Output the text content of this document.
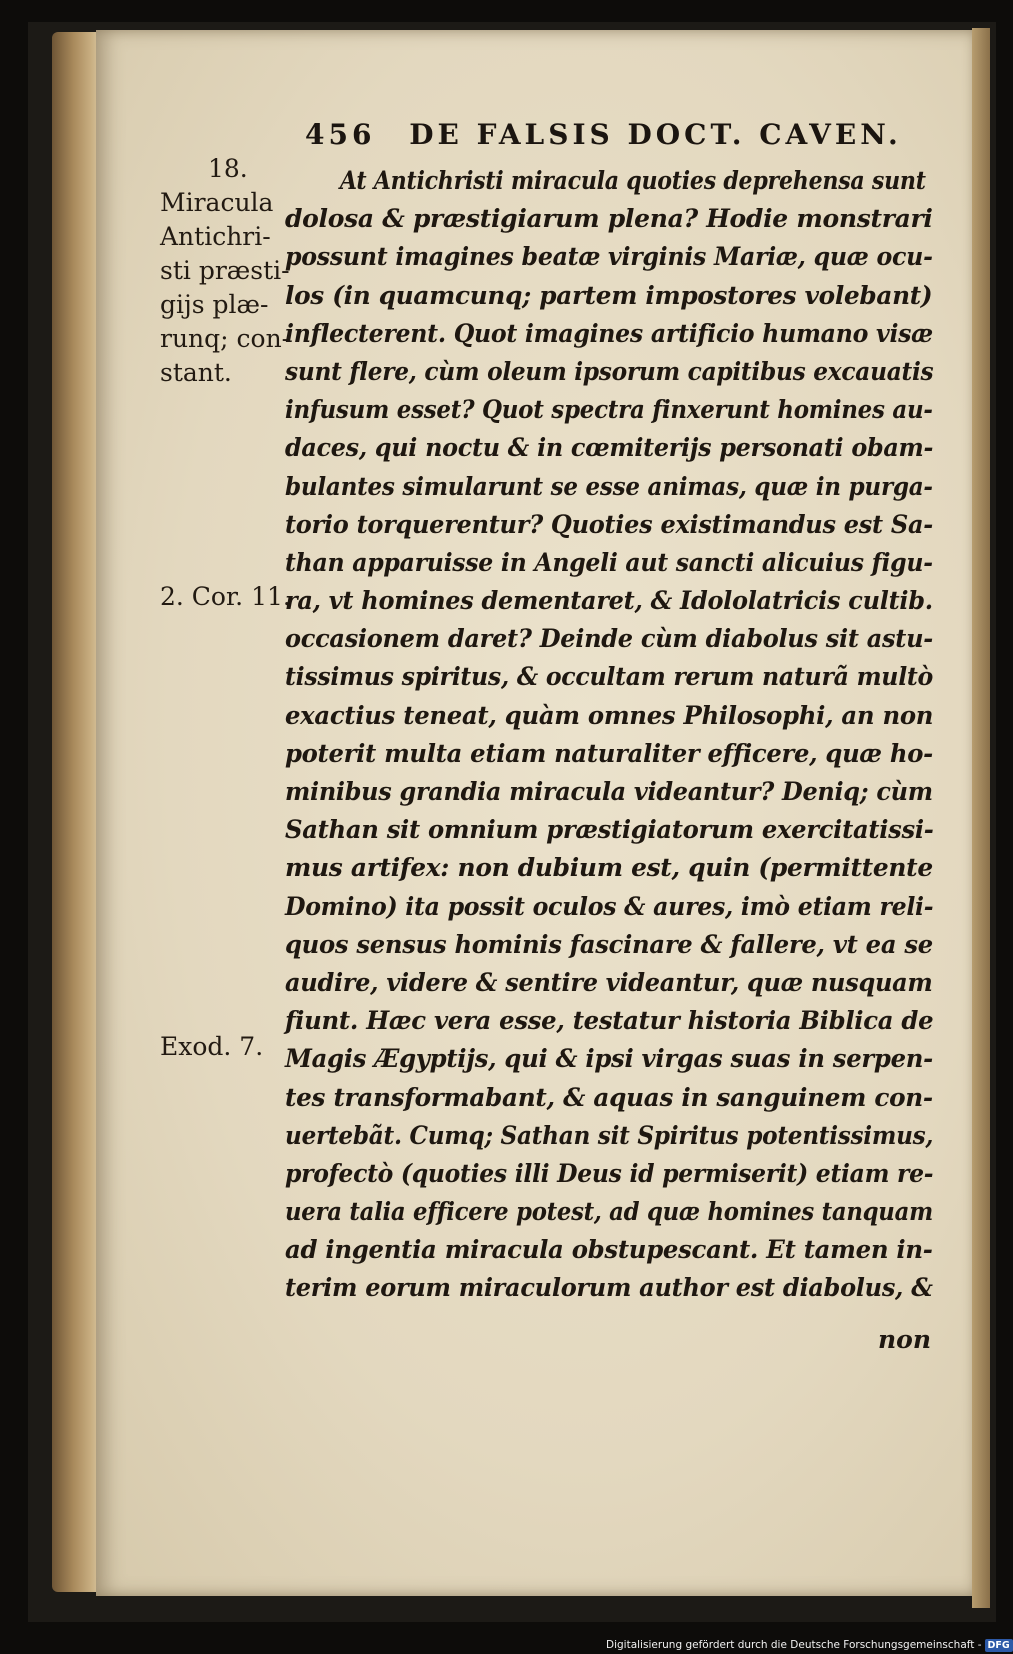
456 DE FALSIS DOCT. CAVEN.
18.
Miracula
Antichri-
sti præsti-
gijs plæ-
runq; con-
stant.
2. Cor. 11.
Exod. 7.
At Antichristi miracula quoties deprehensa sunt
dolosa & præstigiarum plena? Hodie monstrari
possunt imagines beatæ virginis Mariæ, quæ ocu-
los (in quamcunq; partem impostores volebant)
inflecterent. Quot imagines artificio humano visæ
sunt flere, cùm oleum ipsorum capitibus excauatis
infusum esset? Quot spectra finxerunt homines au-
daces, qui noctu & in cœmiterijs personati obam-
bulantes simularunt se esse animas, quæ in purga-
torio torquerentur? Quoties existimandus est Sa-
than apparuisse in Angeli aut sancti alicuius figu-
ra, vt homines dementaret, & Idololatricis cultib.
occasionem daret? Deinde cùm diabolus sit astu-
tissimus spiritus, & occultam rerum naturã multò
exactius teneat, quàm omnes Philosophi, an non
poterit multa etiam naturaliter efficere, quæ ho-
minibus grandia miracula videantur? Deniq; cùm
Sathan sit omnium præstigiatorum exercitatissi-
mus artifex: non dubium est, quin (permittente
Domino) ita possit oculos & aures, imò etiam reli-
quos sensus hominis fascinare & fallere, vt ea se
audire, videre & sentire videantur, quæ nusquam
fiunt. Hæc vera esse, testatur historia Biblica de
Magis Ægyptijs, qui & ipsi virgas suas in serpen-
tes transformabant, & aquas in sanguinem con-
uertebãt. Cumq; Sathan sit Spiritus potentissimus,
profectò (quoties illi Deus id permiserit) etiam re-
uera talia efficere potest, ad quæ homines tanquam
ad ingentia miracula obstupescant. Et tamen in-
terim eorum miraculorum author est diabolus, &
non
Digitalisierung gefördert durch die Deutsche Forschungsgemeinschaft - DFG
